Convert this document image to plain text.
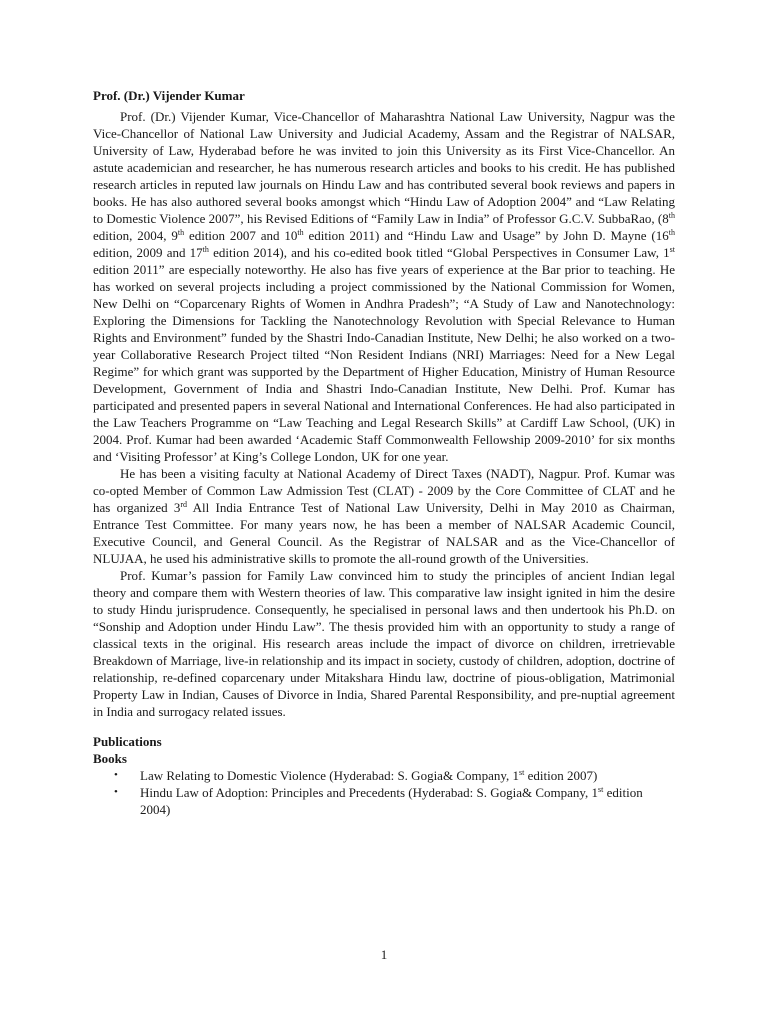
Prof. (Dr.) Vijender Kumar

Prof. (Dr.) Vijender Kumar, Vice-Chancellor of Maharashtra National Law University, Nagpur was the Vice-Chancellor of National Law University and Judicial Academy, Assam and the Registrar of NALSAR, University of Law, Hyderabad before he was invited to join this University as its First Vice-Chancellor. An astute academician and researcher, he has numerous research articles and books to his credit. He has published research articles in reputed law journals on Hindu Law and has contributed several book reviews and papers in books. He has also authored several books amongst which “Hindu Law of Adoption 2004” and “Law Relating to Domestic Violence 2007”, his Revised Editions of “Family Law in India” of Professor G.C.V. SubbaRao, (8th edition, 2004, 9th edition 2007 and 10th edition 2011) and “Hindu Law and Usage” by John D. Mayne (16th edition, 2009 and 17th edition 2014), and his co-edited book titled “Global Perspectives in Consumer Law, 1st edition 2011” are especially noteworthy. He also has five years of experience at the Bar prior to teaching. He has worked on several projects including a project commissioned by the National Commission for Women, New Delhi on “Coparcenary Rights of Women in Andhra Pradesh”; “A Study of Law and Nanotechnology: Exploring the Dimensions for Tackling the Nanotechnology Revolution with Special Relevance to Human Rights and Environment” funded by the Shastri Indo-Canadian Institute, New Delhi; he also worked on a two-year Collaborative Research Project tilted “Non Resident Indians (NRI) Marriages: Need for a New Legal Regime” for which grant was supported by the Department of Higher Education, Ministry of Human Resource Development, Government of India and Shastri Indo-Canadian Institute, New Delhi. Prof. Kumar has participated and presented papers in several National and International Conferences. He had also participated in the Law Teachers Programme on “Law Teaching and Legal Research Skills” at Cardiff Law School, (UK) in 2004. Prof. Kumar had been awarded ‘Academic Staff Commonwealth Fellowship 2009-2010’ for six months and ‘Visiting Professor’ at King’s College London, UK for one year.

He has been a visiting faculty at National Academy of Direct Taxes (NADT), Nagpur. Prof. Kumar was co-opted Member of Common Law Admission Test (CLAT) - 2009 by the Core Committee of CLAT and he has organized 3rd All India Entrance Test of National Law University, Delhi in May 2010 as Chairman, Entrance Test Committee. For many years now, he has been a member of NALSAR Academic Council, Executive Council, and General Council. As the Registrar of NALSAR and as the Vice-Chancellor of NLUJAA, he used his administrative skills to promote the all-round growth of the Universities.

Prof. Kumar’s passion for Family Law convinced him to study the principles of ancient Indian legal theory and compare them with Western theories of law. This comparative law insight ignited in him the desire to study Hindu jurisprudence. Consequently, he specialised in personal laws and then undertook his Ph.D. on “Sonship and Adoption under Hindu Law”. The thesis provided him with an opportunity to study a range of classical texts in the original. His research areas include the impact of divorce on children, irretrievable Breakdown of Marriage, live-in relationship and its impact in society, custody of children, adoption, doctrine of relationship, re-defined coparcenary under Mitakshara Hindu law, doctrine of pious-obligation, Matrimonial Property Law in Indian, Causes of Divorce in India, Shared Parental Responsibility, and pre-nuptial agreement in India and surrogacy related issues.

Publications

Books

• Law Relating to Domestic Violence (Hyderabad: S. Gogia& Company, 1st edition 2007)
• Hindu Law of Adoption: Principles and Precedents (Hyderabad: S. Gogia& Company, 1st edition 2004)
1
